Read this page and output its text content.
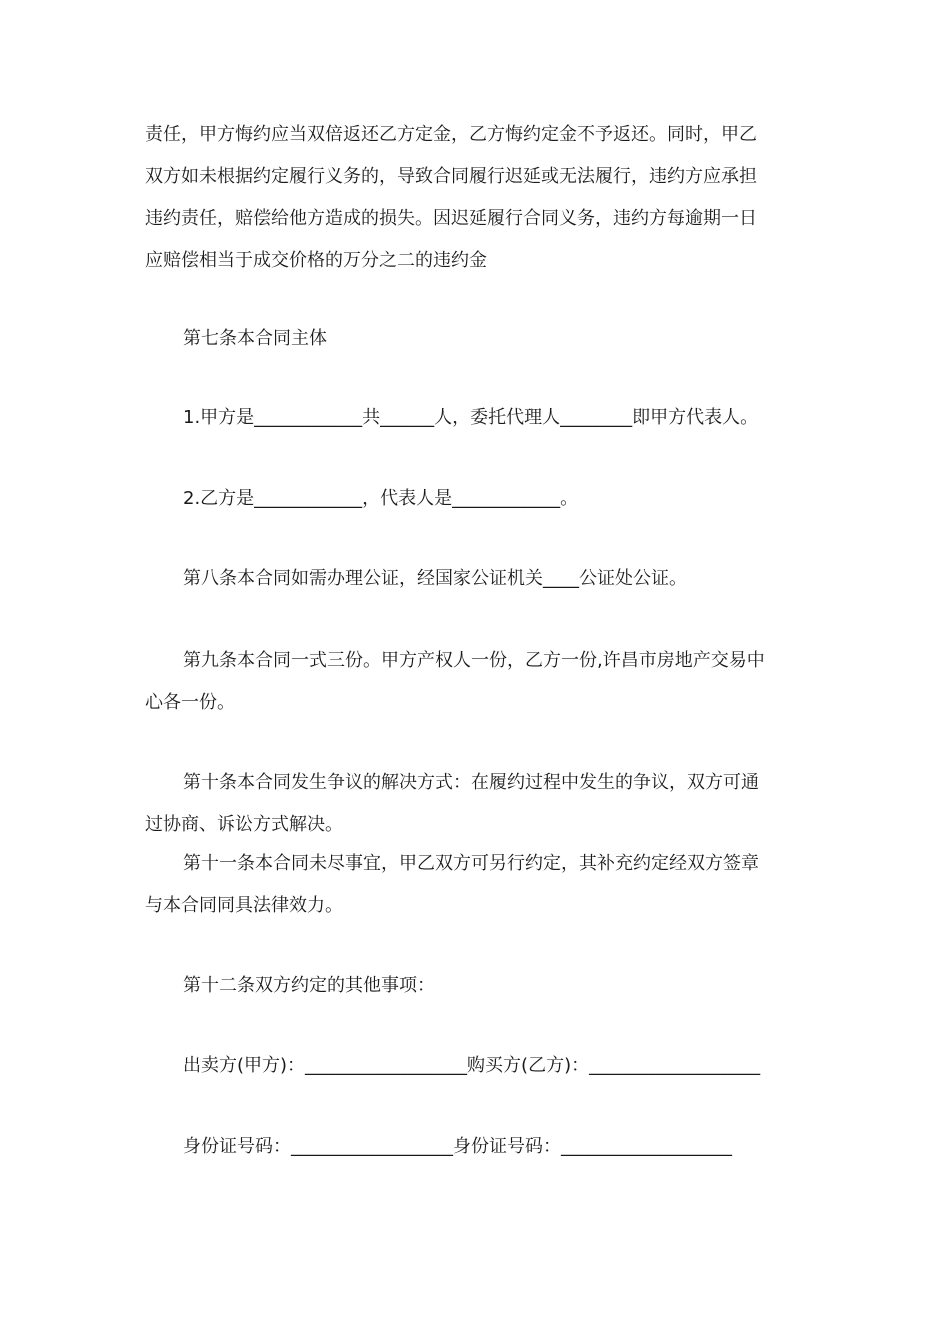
责任，甲方悔约应当双倍返还乙方定金，乙方悔约定金不予返还。同时，甲乙

双方如未根据约定履行义务的，导致合同履行迟延或无法履行，违约方应承担

违约责任，赔偿给他方造成的损失。因迟延履行合同义务，违约方每逾期一日

应赔偿相当于成交价格的万分之二的违约金

第七条本合同主体

1.甲方是____________共______人，委托代理人________即甲方代表人。

2.乙方是____________，代表人是____________。

第八条本合同如需办理公证，经国家公证机关____公证处公证。

第九条本合同一式三份。甲方产权人一份，乙方一份,许昌市房地产交易中

心各一份。

第十条本合同发生争议的解决方式：在履约过程中发生的争议，双方可通

过协商、诉讼方式解决。

第十一条本合同未尽事宜，甲乙双方可另行约定，其补充约定经双方签章

与本合同同具法律效力。

第十二条双方约定的其他事项：

出卖方(甲方)：__________________购买方(乙方)：___________________

身份证号码：__________________身份证号码：___________________
